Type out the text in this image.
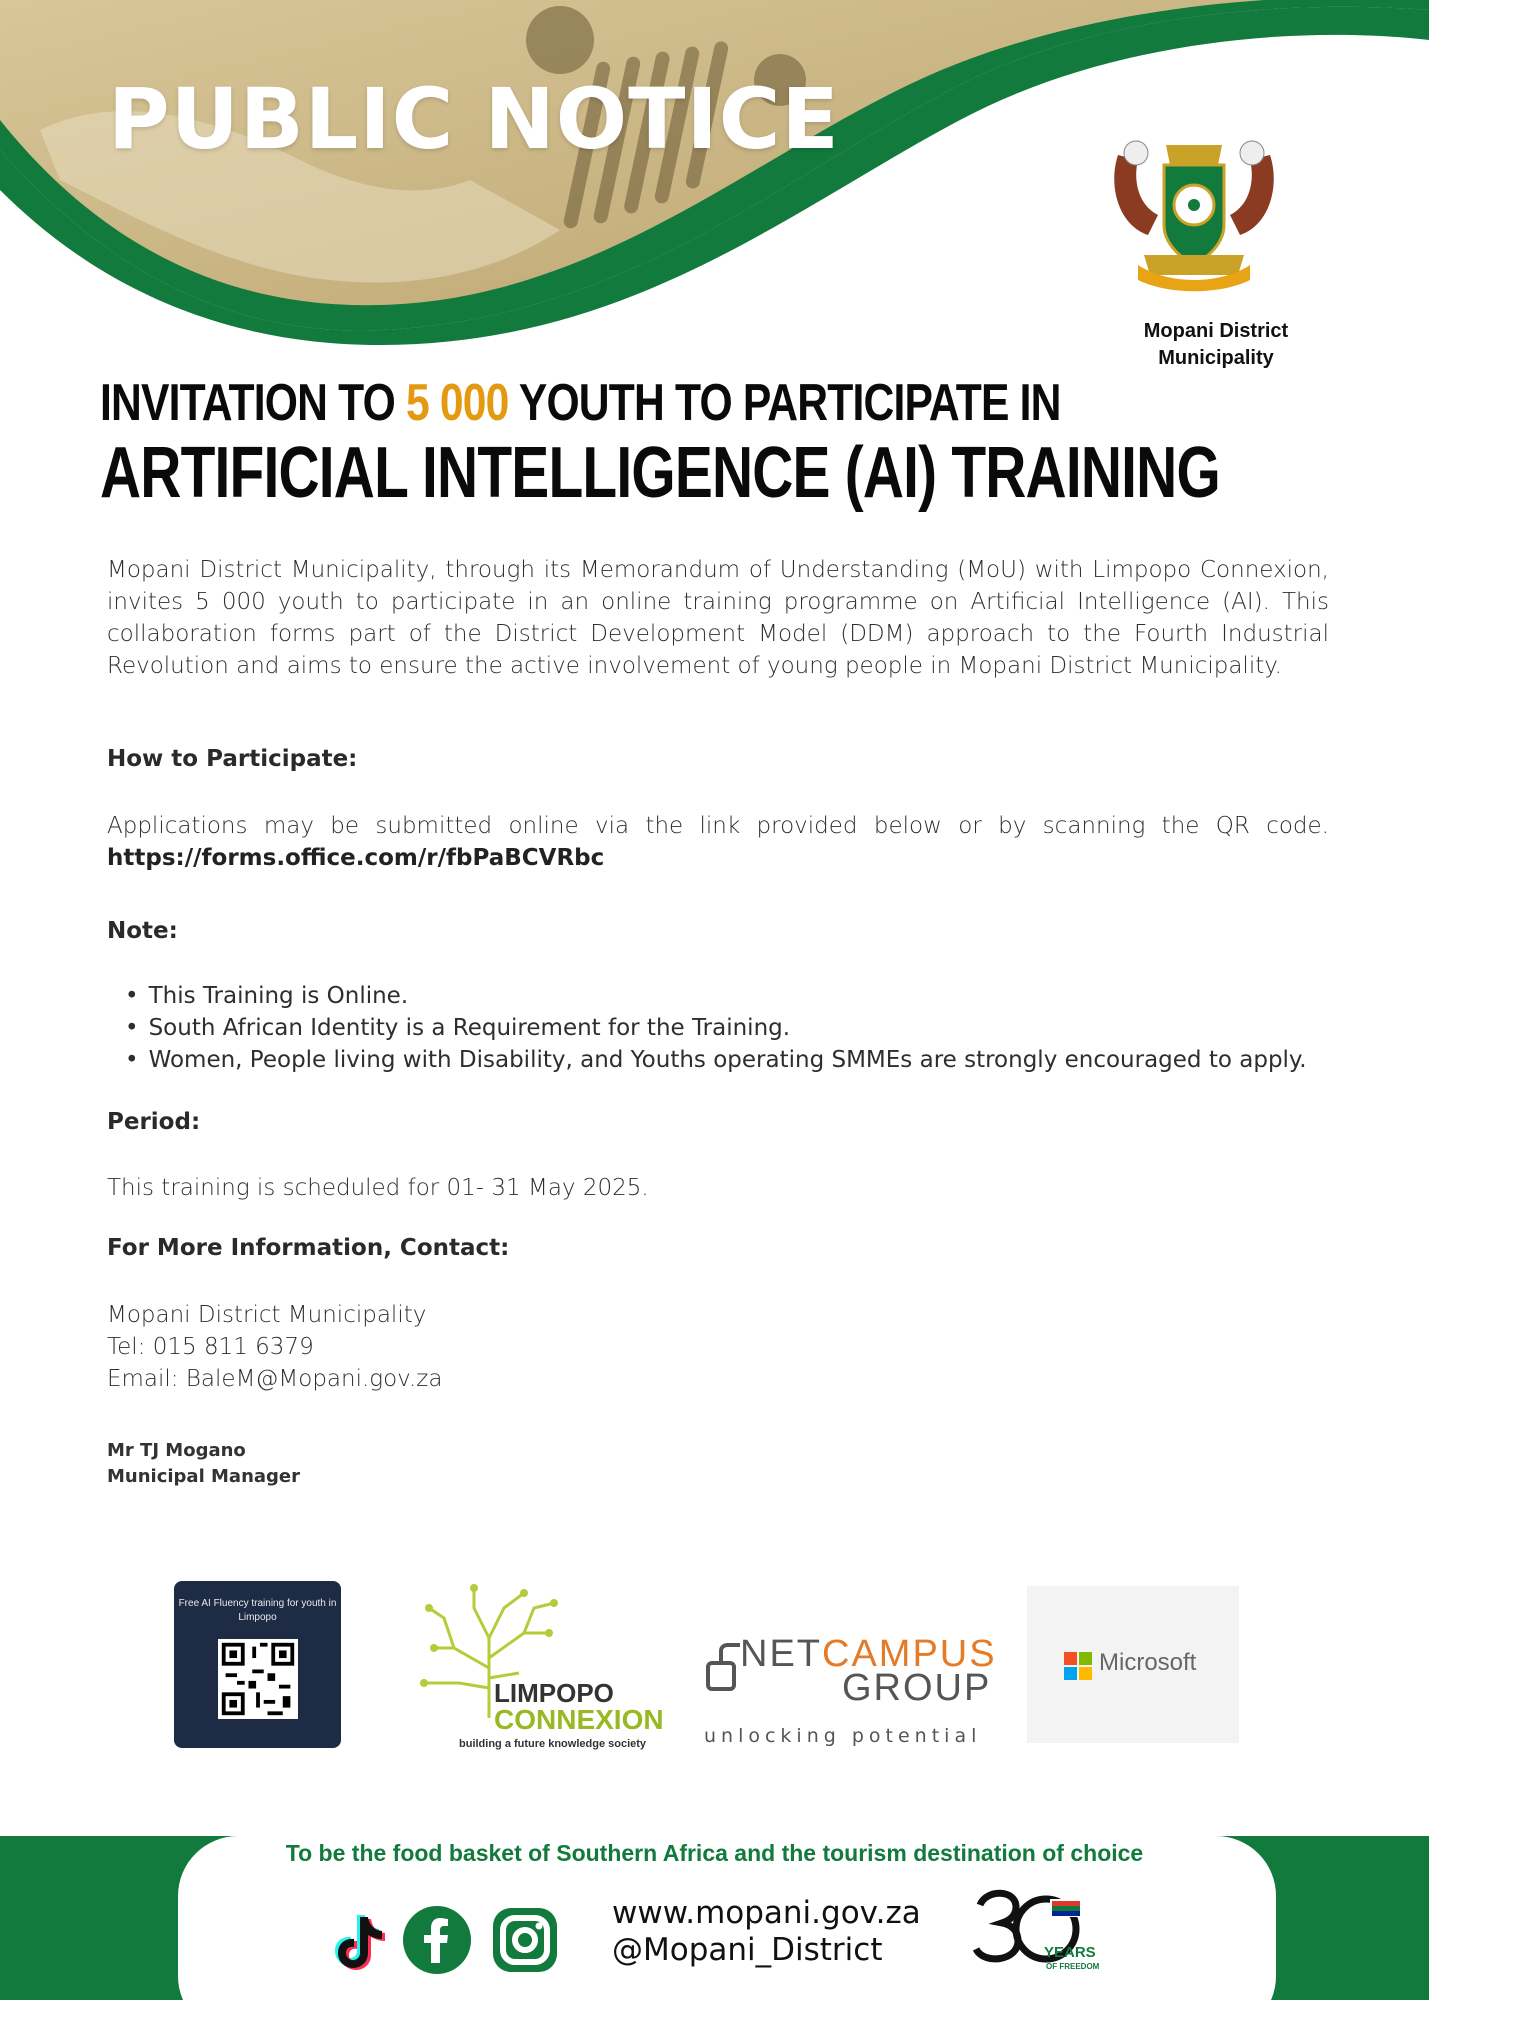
PUBLIC NOTICE
Mopani District Municipality
INVITATION TO 5 000 YOUTH TO PARTICIPATE IN
ARTIFICIAL INTELLIGENCE (AI) TRAINING

Mopani District Municipality, through its Memorandum of Understanding (MoU) with Limpopo Connexion, invites 5 000 youth to participate in an online training programme on Artificial Intelligence (AI). This collaboration forms part of the District Development Model (DDM) approach to the Fourth Industrial Revolution and aims to ensure the active involvement of young people in Mopani District Municipality.

How to Participate:

Applications may be submitted online via the link provided below or by scanning the QR code.

https://forms.office.com/r/fbPaBCVRbc
Note:
• This Training is Online.
• South African Identity is a Requirement for the Training.
• Women, People living with Disability, and Youths operating SMMEs are strongly encouraged to apply.
Period:
This training is scheduled for 01- 31 May 2025.
For More Information, Contact:
Mopani District Municipality
Tel: 015 811 6379
Email: BaleM@Mopani.gov.za
Mr TJ Mogano
Municipal Manager
Free AI Fluency training for youth in Limpopo
LIMPOPO
CONNEXION
building a future knowledge society
NETCAMPUS
GROUP
unlocking potential
Microsoft
To be the food basket of Southern Africa and the tourism destination of choice
www.mopani.gov.za
@Mopani_District	YEARS
OF FREEDOM
